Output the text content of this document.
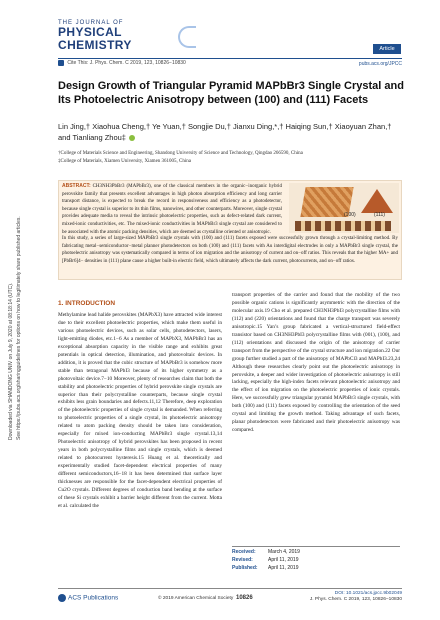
Downloaded via SHANDONG UNIV on July 9, 2020 at 08:18:14 (UTC). See https://pubs.acs.org/sharingguidelines for options on how to legitimately share published articles.
THE JOURNAL OF
PHYSICAL CHEMISTRY	Article
Cite This: J. Phys. Chem. C 2019, 123, 10826−10830	pubs.acs.org/JPCC
Design Growth of Triangular Pyramid MAPbBr3 Single Crystal and Its Photoelectric Anisotropy between (100) and (111) Facets
Lin Jing,† Xiaohua Cheng,† Ye Yuan,† Songjie Du,† Jianxu Ding,*,† Haiqing Sun,† Xiaoyuan Zhan,† and Tianliang Zhou‡
†College of Materials Science and Engineering, Shandong University of Science and Technology, Qingdao 266590, China
‡College of Materials, Xiamen University, Xiamen 361005, China
ABSTRACT: CH3NH3PbBr3 (MAPbBr3), one of the classical members in the organic−inorganic hybrid perovskite family that presents excellent advantages in high photon absorption efficiency and long carrier transport distance, is expected to break the record in responsiveness and efficiency as a photodetector, because single crystal is superior to its thin films, nanowires, and other counterparts. Moreover, single crystal provides adequate media to reveal the intrinsic photoelectric properties, such as defect-related dark current, mixed-ionic conductivities, etc. The mixed-ionic conductivities in MAPbBr3 single crystal are considered to be associated with the atomic packing densities, which are deemed as crystalline oriented or anisotropic.
In this study, a series of large-sized MAPbBr3 single crystals with (100) and (111) facets exposed were successfully grown through a crystal-limiting method. By fabricating metal−semiconductor−metal planner photodetectors on both (100) and (111) facets with Au interdigital electrodes in only a MAPbBr3 single crystal, the photoelectric anisotropy was systematically compared in terms of ion migration and the anisotropy of current and on−off ratios. This reveals that the higher MA+ and [PbBr6]4− densities in (111) plane cause a higher built-in electric field, which ultimately affects the dark current, photocurrents, and on−off ratios.
(100)	(111)
1. INTRODUCTION
Methylamine lead halide perovskites (MAPbX3) have attracted wide interest due to their excellent photoelectric properties, which make them useful in various photoelectric devices, such as solar cells, photodetectors, lasers, light-emitting diodes, etc.1−6 As a member of MAPbX3, MAPbBr3 has an exceptional absorption capacity in the visible range and exhibits great potentials in optical detection, illumination, and photovoltaic devices. In addition, it is proved that the cubic structure of MAPbBr3 is somehow more stable than tetragonal MAPbI3 because of its higher symmetry as a photovoltaic device.7−10 Moreover, plenty of researches claim that both the stability and photoelectric properties of hybrid perovskite single crystals are superior than their polycrystalline counterparts, because single crystal exhibits less grain boundaries and defects.11,12 Therefore, deep exploration of the photoelectric properties of single crystal is demanded. When referring to photoelectric properties of a single crystal, its photoelectric anisotropy related to atom packing density should be taken into consideration, especially for mixed ion-conducting MAPbBr3 single crystal.13,14 Photoelectric anisotropy of hybrid perovskites has been proposed in recent years in both polycrystalline films and single crystals, which is deemed related to photocurrent hysteresis.15 Huang et al. theoretically and experimentally studied facet-dependent electrical properties of many different semiconductors,16−18 it has been determined that surface layer thicknesses are responsible for the facet-dependent electrical properties of Cu2O crystals. Different degrees of conduction band bending at the surface of these Si crystals exhibit a barrier height different from the current. Motta et al. calculated the
transport properties of the carrier and found that the mobility of the two possible organic cations is significantly asymmetric with the direction of the molecular axis.19 Cho et al. prepared CH3NH3PbI3 polycrystalline films with (112) and (220) orientations and found that the charge transport was severely anisotropic.15 Yan’s group fabricated a vertical-structured field-effect transistor based on CH3NH3PbI3 polycrystalline films with (001), (100), and (112) orientations and discussed the origin of the anisotropy of carrier transport from the perspective of the crystal structure and ion migration.22 Our group further studied a part of the anisotropy of MAPbCl3 and MAPbI3.23,24 Although these researches clearly point out the photoelectric anisotropy in perovskite, a deeper and wider investigation of photoelectric anisotropy is still lacking, especially the high-index facets relevant photoelectric anisotropy and the effect of ion migration on the photoelectric properties of ionic crystals. Here, we successfully grew triangular pyramid MAPbBr3 single crystals, with both (100) and (111) facets exposed by controlling the orientation of the seed crystal and limiting the growth method. Taking advantage of such facets, planar photodetectors were fabricated and their photoelectric anisotropy was compared.
Received: March 4, 2019
Revised:	April 11, 2019
Published: April 11, 2019
ACS Publications	© 2019 American Chemical Society 10826
DOI: 10.1021/acs.jpcc.9b02049
J. Phys. Chem. C 2019, 123, 10826−10830
